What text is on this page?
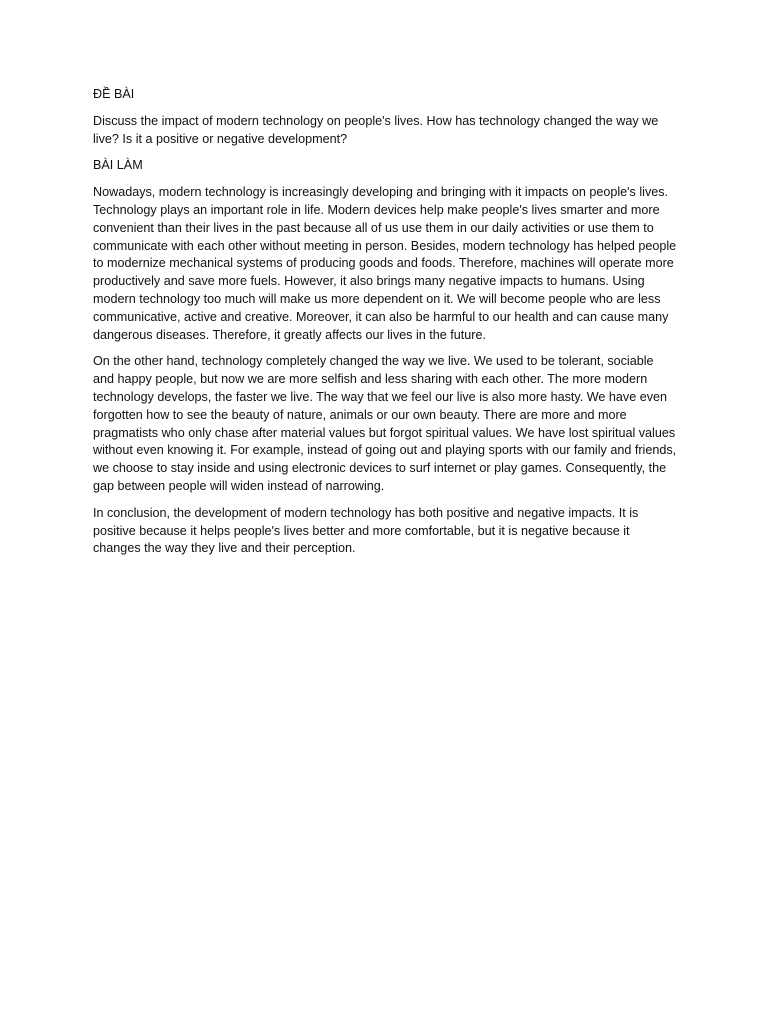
ĐỀ BÀI

Discuss the impact of modern technology on people's lives. How has technology changed the way we live? Is it a positive or negative development?

BÀI LÀM

Nowadays, modern technology is increasingly developing and bringing with it impacts on people's lives. Technology plays an important role in life. Modern devices help make people's lives smarter and more convenient than their lives in the past because all of us use them in our daily activities or use them to communicate with each other without meeting in person. Besides, modern technology has helped people to modernize mechanical systems of producing goods and foods. Therefore, machines will operate more productively and save more fuels. However, it also brings many negative impacts to humans. Using modern technology too much will make us more dependent on it. We will become people who are less communicative, active and creative. Moreover, it can also be harmful to our health and can cause many dangerous diseases. Therefore, it greatly affects our lives in the future.

On the other hand, technology completely changed the way we live. We used to be tolerant, sociable and happy people, but now we are more selfish and less sharing with each other. The more modern technology develops, the faster we live. The way that we feel our live is also more hasty. We have even forgotten how to see the beauty of nature, animals or our own beauty. There are more and more pragmatists who only chase after material values but forgot spiritual values. We have lost spiritual values without even knowing it. For example, instead of going out and playing sports with our family and friends, we choose to stay inside and using electronic devices to surf internet or play games. Consequently, the gap between people will widen instead of narrowing.

In conclusion, the development of modern technology has both positive and negative impacts. It is positive because it helps people's lives better and more comfortable, but it is negative because it changes the way they live and their perception.
